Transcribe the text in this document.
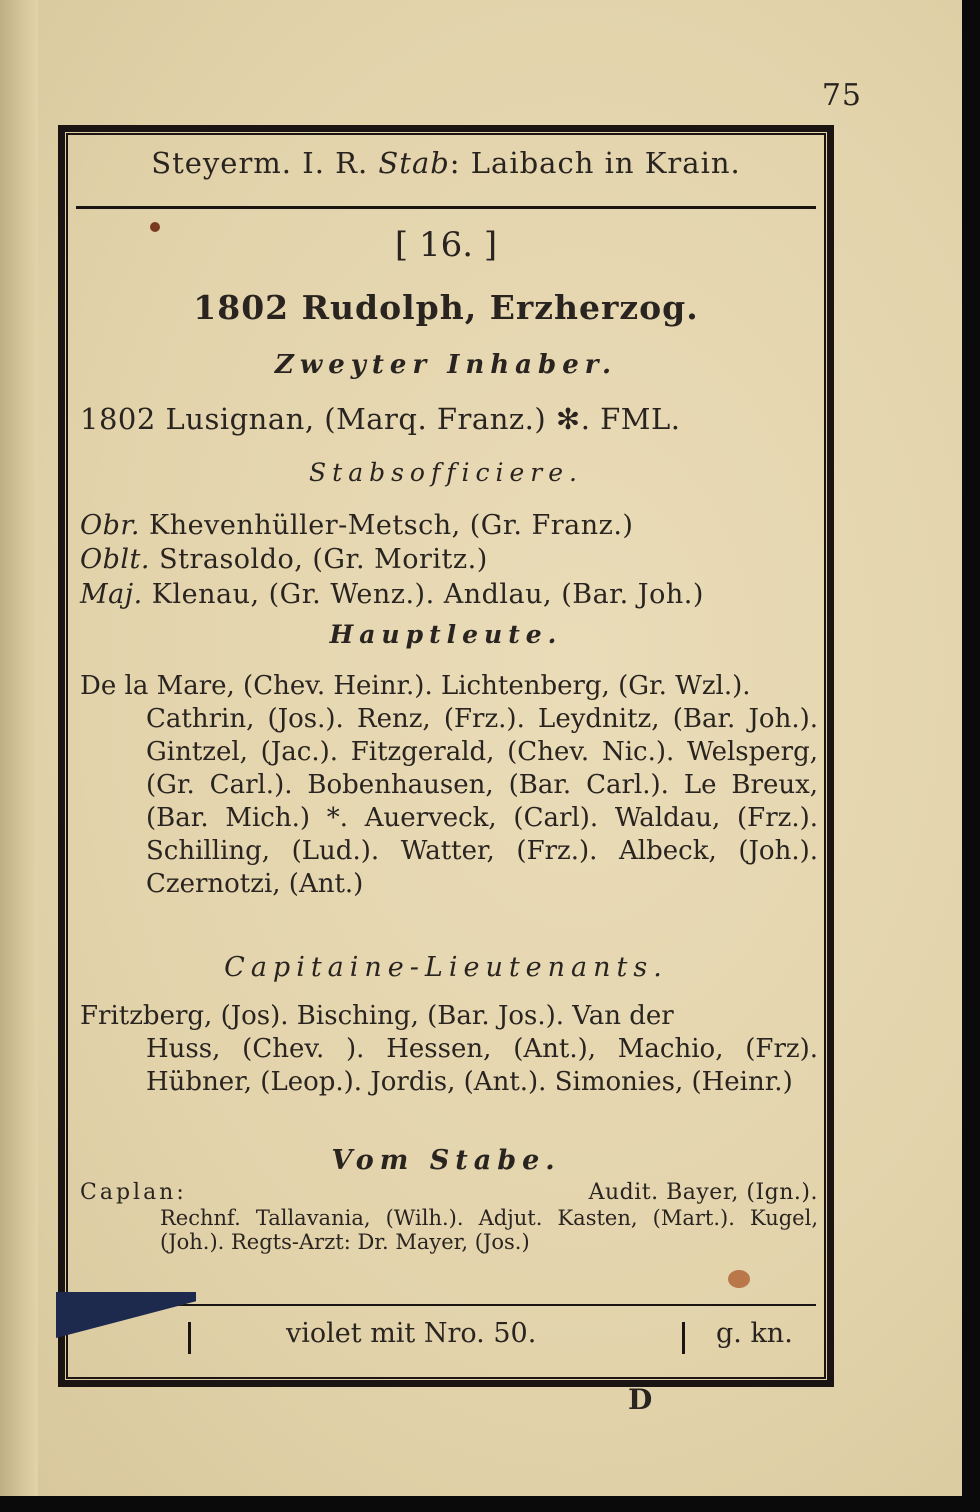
75
Steyerm. I. R. Stab: Laibach in Krain.
[ 16. ]
1802 Rudolph, Erzherzog.
Zweyter Inhaber.
1802 Lusignan, (Marq. Franz.) ✻. FML.
Stabsofficiere.
Obr. Khevenhüller-Metsch, (Gr. Franz.)
Oblt. Strasoldo, (Gr. Moritz.)
Maj. Klenau, (Gr. Wenz.). Andlau, (Bar. Joh.)
Hauptleute.
De la Mare, (Chev. Heinr.). Lichtenberg, (Gr. Wzl.).
Cathrin, (Jos.). Renz, (Frz.). Leydnitz, (Bar. Joh.). Gintzel, (Jac.). Fitzgerald, (Chev. Nic.). Welsperg, (Gr. Carl.). Bobenhausen, (Bar. Carl.). Le Breux, (Bar. Mich.) *. Auerveck, (Carl). Waldau, (Frz.). Schilling, (Lud.). Watter, (Frz.). Albeck, (Joh.). Czernotzi, (Ant.)
Capitaine-Lieutenants.
Fritzberg, (Jos). Bisching, (Bar. Jos.). Van der
Huss, (Chev. ). Hessen, (Ant.), Machio, (Frz). Hübner, (Leop.). Jordis, (Ant.). Simonies, (Heinr.)
Vom Stabe.
Caplan:	Audit. Bayer, (Ign.).
Rechnf. Tallavania, (Wilh.). Adjut. Kasten, (Mart.). Kugel, (Joh.). Regts-Arzt: Dr. Mayer, (Jos.)
violet mit Nro. 50.	g. kn.
D
